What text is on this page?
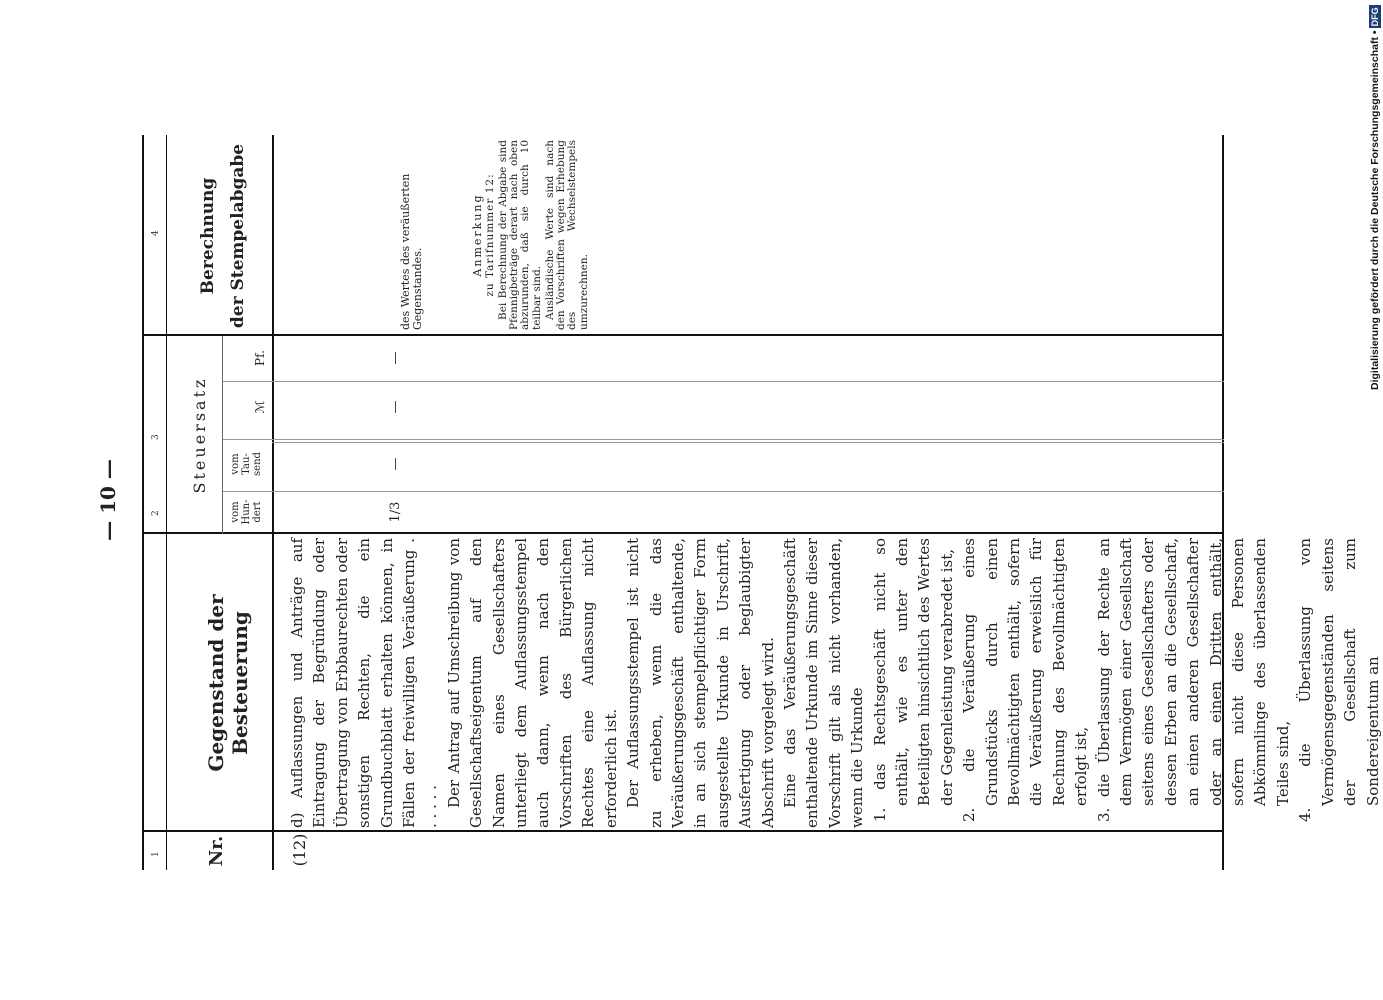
— 10 —
1
2
3
4
Nr.
Gegenstand der Besteuerung
Steuersatz
vom Hun- dert
vom Tau- send
ℳ
Pf.
Berechnung der Stempelabgabe
(12)

d) Auflassungen und Anträge auf Eintragung der Begründung oder Übertragung von Erbbaurechten oder sonstigen Rechten, die ein Grundbuchblatt erhalten können, in Fällen der freiwilligen Veräußerung . . . . . . Der Antrag auf Umschreibung von Gesellschaftseigentum auf den Namen eines Gesellschafters unterliegt dem Auflassungsstempel auch dann, wenn nach den Vorschriften des Bürgerlichen Rechtes eine Auflassung nicht erforderlich ist. Der Auflassungsstempel ist nicht zu erheben, wenn die das Veräußerungsgeschäft enthaltende, in an sich stempelpflichtiger Form ausgestellte Urkunde in Urschrift, Ausfertigung oder beglaubigter Abschrift vorgelegt wird. Eine das Veräußerungsgeschäft enthaltende Urkunde im Sinne dieser Vorschrift gilt als nicht vorhanden, wenn die Urkunde 1. das Rechtsgeschäft nicht so enthält, wie es unter den Beteiligten hinsichtlich des Wertes der Gegenleistung verabredet ist, 2. die Veräußerung eines Grundstücks durch einen Bevollmächtigten enthält, sofern die Veräußerung erweislich für Rechnung des Bevollmächtigten erfolgt ist, 3. die Überlassung der Rechte an dem Vermögen einer Gesellschaft seitens eines Gesellschafters oder dessen Erben an die Gesellschaft, an einen anderen Gesellschafter oder an einen Dritten enthält, sofern nicht diese Personen Abkömmlinge des überlassenden Teiles sind, 4. die Überlassung von Vermögensgegenständen seitens der Gesellschaft zum Sondereigentum an

1/3
—
—
—
des Wertes des veräußerten Gegenstandes.
Anmerkung zu Tarifnummer 12: Bei Berechnung der Abgabe sind Pfennigbeträge derart nach oben abzurunden, daß sie durch 10 teilbar sind. Ausländische Werte sind nach den Vorschriften wegen Erhebung des Wechselstempels umzurechnen.	Digitalisierung gefördert durch die Deutsche Forschungsgemeinschaft •DFG
